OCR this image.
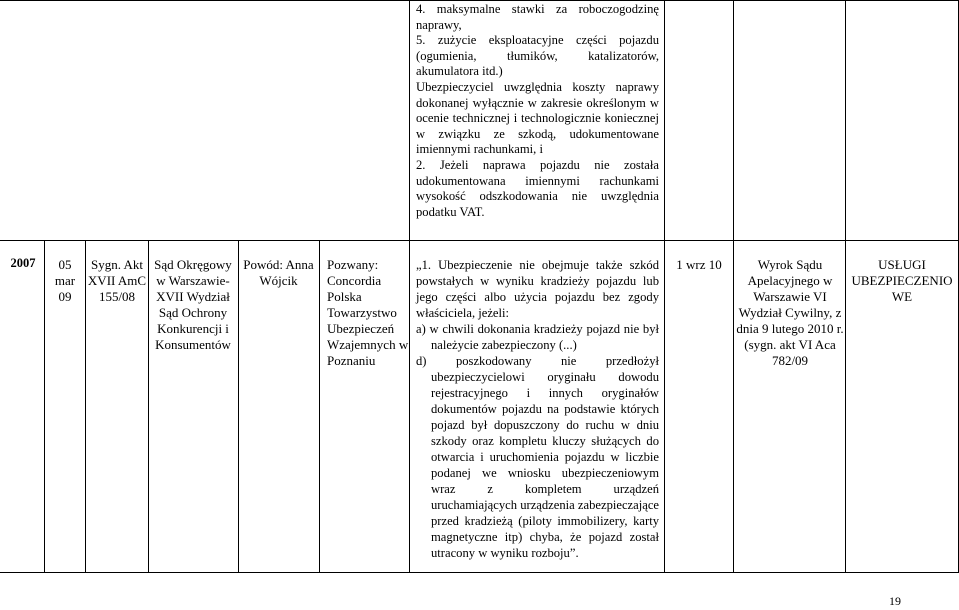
4. maksymalne stawki za roboczogodzinę naprawy,

5. zużycie eksploatacyjne części pojazdu (ogumienia, tłumików, katalizatorów, akumulatora itd.)

Ubezpieczyciel uwzględnia koszty naprawy dokonanej wyłącznie w zakresie określonym w ocenie technicznej i technologicznie koniecznej w związku ze szkodą, udokumentowane imiennymi rachunkami, i

2. Jeżeli naprawa pojazdu nie została udokumentowana imiennymi rachunkami wysokość odszkodowania nie uwzględnia podatku VAT.

2007	05 mar 09
Sygn. Akt XVII AmC 155/08
Sąd Okręgowy w Warszawie- XVII Wydział Sąd Ochrony Konkurencji i Konsumentów
Powód: Anna Wójcik
Pozwany: Concordia Polska Towarzystwo Ubezpieczeń Wzajemnych w Poznaniu

„1. Ubezpieczenie nie obejmuje także szkód powstałych w wyniku kradzieży pojazdu lub jego części albo użycia pojazdu bez zgody właściciela, jeżeli:

a) w chwili dokonania kradzieży pojazd nie był należycie zabezpieczony (...)

d) poszkodowany nie przedłożył ubezpieczycielowi oryginału dowodu rejestracyjnego i innych oryginałów dokumentów pojazdu na podstawie których pojazd był dopuszczony do ruchu w dniu szkody oraz kompletu kluczy służących do otwarcia i uruchomienia pojazdu w liczbie podanej we wniosku ubezpieczeniowym wraz z kompletem urządzeń uruchamiających urządzenia zabezpieczające przed kradzieżą (piloty immobilizery, karty magnetyczne itp) chyba, że pojazd został utracony w wyniku rozboju”.

1 wrz 10	Wyrok Sądu Apelacyjnego w Warszawie VI Wydział Cywilny, z dnia 9 lutego 2010 r. (sygn. akt VI Aca 782/09
USŁUGI UBEZPIECZENIOWE
19
